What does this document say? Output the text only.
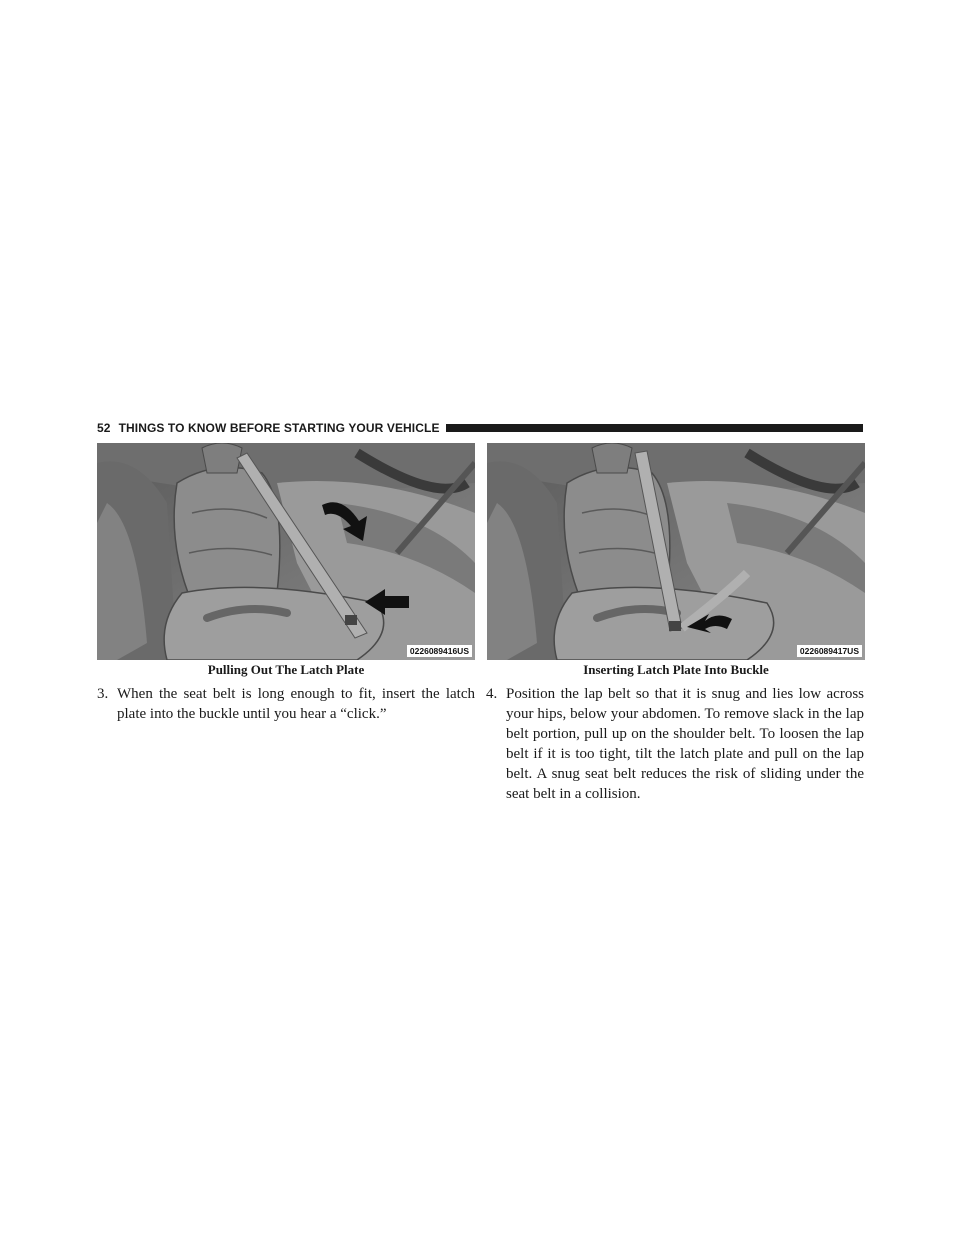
52 THINGS TO KNOW BEFORE STARTING YOUR VEHICLE
0226089416US
Pulling Out The Latch Plate
0226089417US
Inserting Latch Plate Into Buckle
3. When the seat belt is long enough to fit, insert the latch plate into the buckle until you hear a “click.”
4. Position the lap belt so that it is snug and lies low across your hips, below your abdomen. To remove slack in the lap belt portion, pull up on the shoulder belt. To loosen the lap belt if it is too tight, tilt the latch plate and pull on the lap belt. A snug seat belt reduces the risk of sliding under the seat belt in a collision.
